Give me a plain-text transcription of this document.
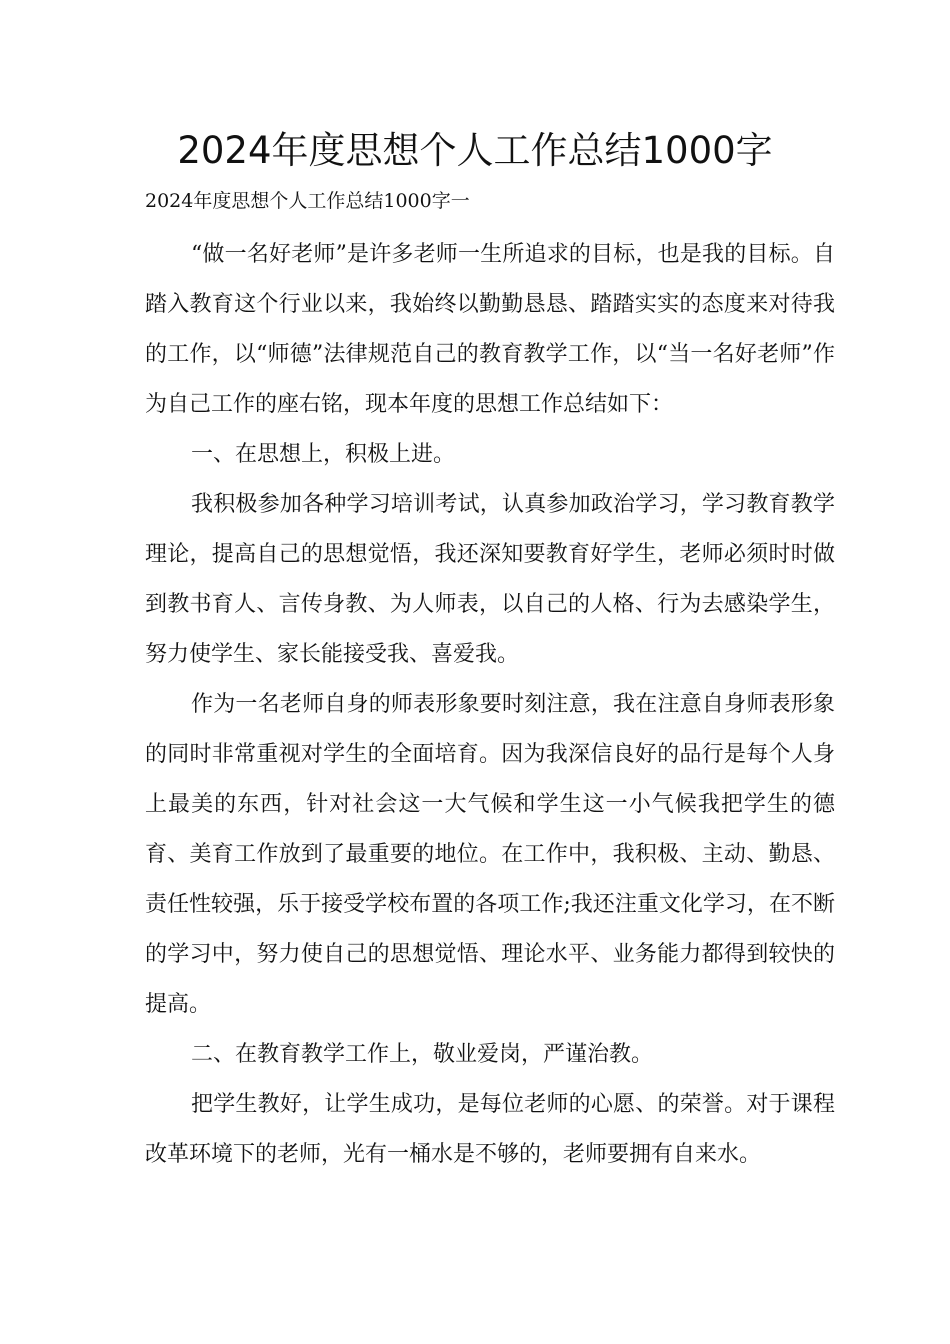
2024年度思想个人工作总结1000字

2024年度思想个人工作总结1000字一

“做一名好老师”是许多老师一生所追求的目标，也是我的目标。自踏入教育这个行业以来，我始终以勤勤恳恳、踏踏实实的态度来对待我的工作，以“师德”法律规范自己的教育教学工作，以“当一名好老师”作为自己工作的座右铭，现本年度的思想工作总结如下：

一、在思想上，积极上进。

我积极参加各种学习培训考试，认真参加政治学习，学习教育教学理论，提高自己的思想觉悟，我还深知要教育好学生，老师必须时时做到教书育人、言传身教、为人师表，以自己的人格、行为去感染学生，努力使学生、家长能接受我、喜爱我。

作为一名老师自身的师表形象要时刻注意，我在注意自身师表形象的同时非常重视对学生的全面培育。因为我深信良好的品行是每个人身上最美的东西，针对社会这一大气候和学生这一小气候我把学生的德育、美育工作放到了最重要的地位。在工作中，我积极、主动、勤恳、责任性较强，乐于接受学校布置的各项工作;我还注重文化学习，在不断的学习中，努力使自己的思想觉悟、理论水平、业务能力都得到较快的提高。

二、在教育教学工作上，敬业爱岗，严谨治教。

把学生教好，让学生成功，是每位老师的心愿、的荣誉。对于课程改革环境下的老师，光有一桶水是不够的，老师要拥有自来水。
